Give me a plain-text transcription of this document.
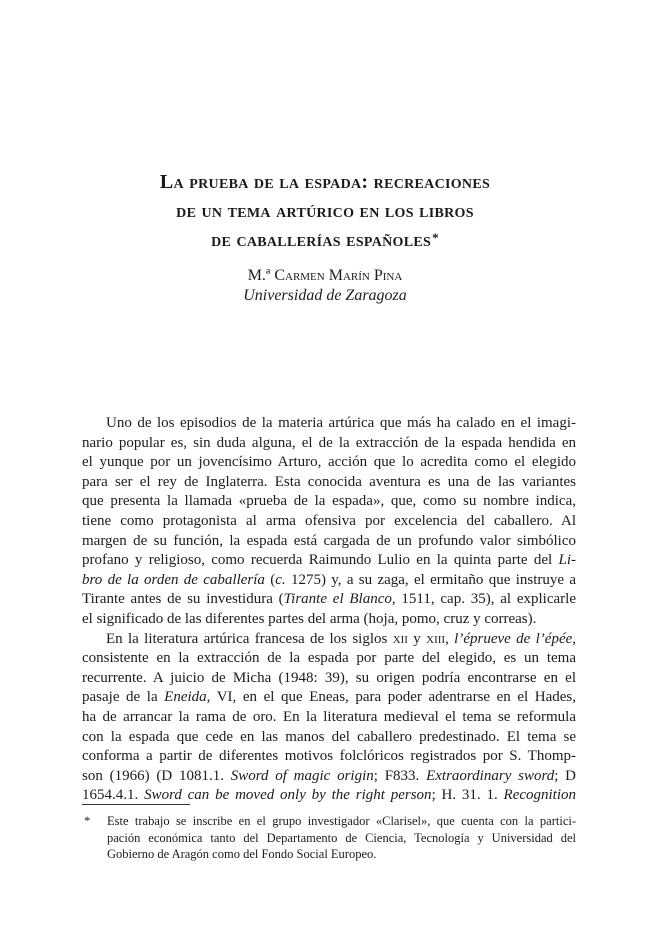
La prueba de la espada: recreaciones
de un tema artúrico en los libros
de caballerías españoles*
M.ª Carmen Marín Pina
Universidad de Zaragoza
Uno de los episodios de la materia artúrica que más ha calado en el imagi-
nario popular es, sin duda alguna, el de la extracción de la espada hendida en
el yunque por un jovencísimo Arturo, acción que lo acredita como el elegido
para ser el rey de Inglaterra. Esta conocida aventura es una de las variantes
que presenta la llamada «prueba de la espada», que, como su nombre indica,
tiene como protagonista al arma ofensiva por excelencia del caballero. Al
margen de su función, la espada está cargada de un profundo valor simbólico
profano y religioso, como recuerda Raimundo Lulio en la quinta parte del Li-
bro de la orden de caballería (c. 1275) y, a su zaga, el ermitaño que instruye a
Tirante antes de su investidura (Tirante el Blanco, 1511, cap. 35), al explicarle
el significado de las diferentes partes del arma (hoja, pomo, cruz y correas).
En la literatura artúrica francesa de los siglos xii y xiii, l’éprueve de l’épée,
consistente en la extracción de la espada por parte del elegido, es un tema
recurrente. A juicio de Micha (1948: 39), su origen podría encontrarse en el
pasaje de la Eneida, VI, en el que Eneas, para poder adentrarse en el Hades,
ha de arrancar la rama de oro. En la literatura medieval el tema se reformula
con la espada que cede en las manos del caballero predestinado. El tema se
conforma a partir de diferentes motivos folclóricos registrados por S. Thomp-
son (1966) (D 1081.1. Sword of magic origin; F833. Extraordinary sword; D
1654.4.1. Sword can be moved only by the right person; H. 31. 1. Recognition
* Este trabajo se inscribe en el grupo investigador «Clarisel», que cuenta con la partici-
pación económica tanto del Departamento de Ciencia, Tecnología y Universidad del
Gobierno de Aragón como del Fondo Social Europeo.
